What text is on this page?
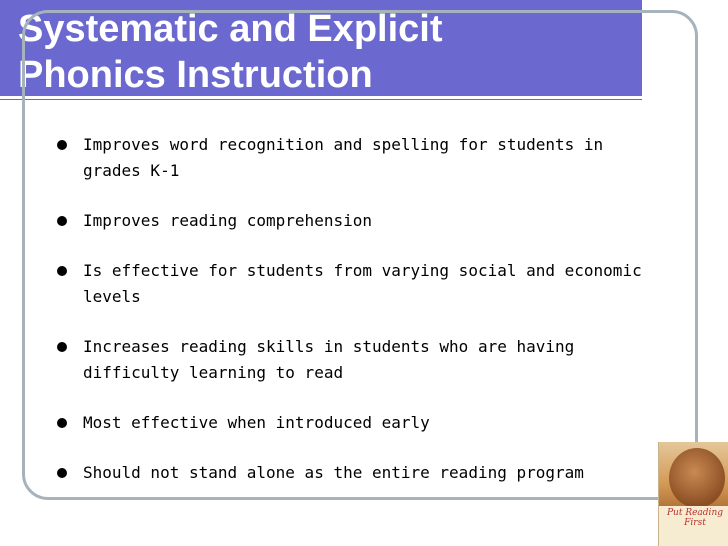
Systematic and Explicit
Phonics Instruction
Improves word recognition and spelling for students in grades K-1
Improves reading comprehension
Is effective for students from varying social and economic levels
Increases reading skills in students who are having difficulty learning to read
Most effective when introduced early
Should not stand alone as the entire reading program
Put Reading First
